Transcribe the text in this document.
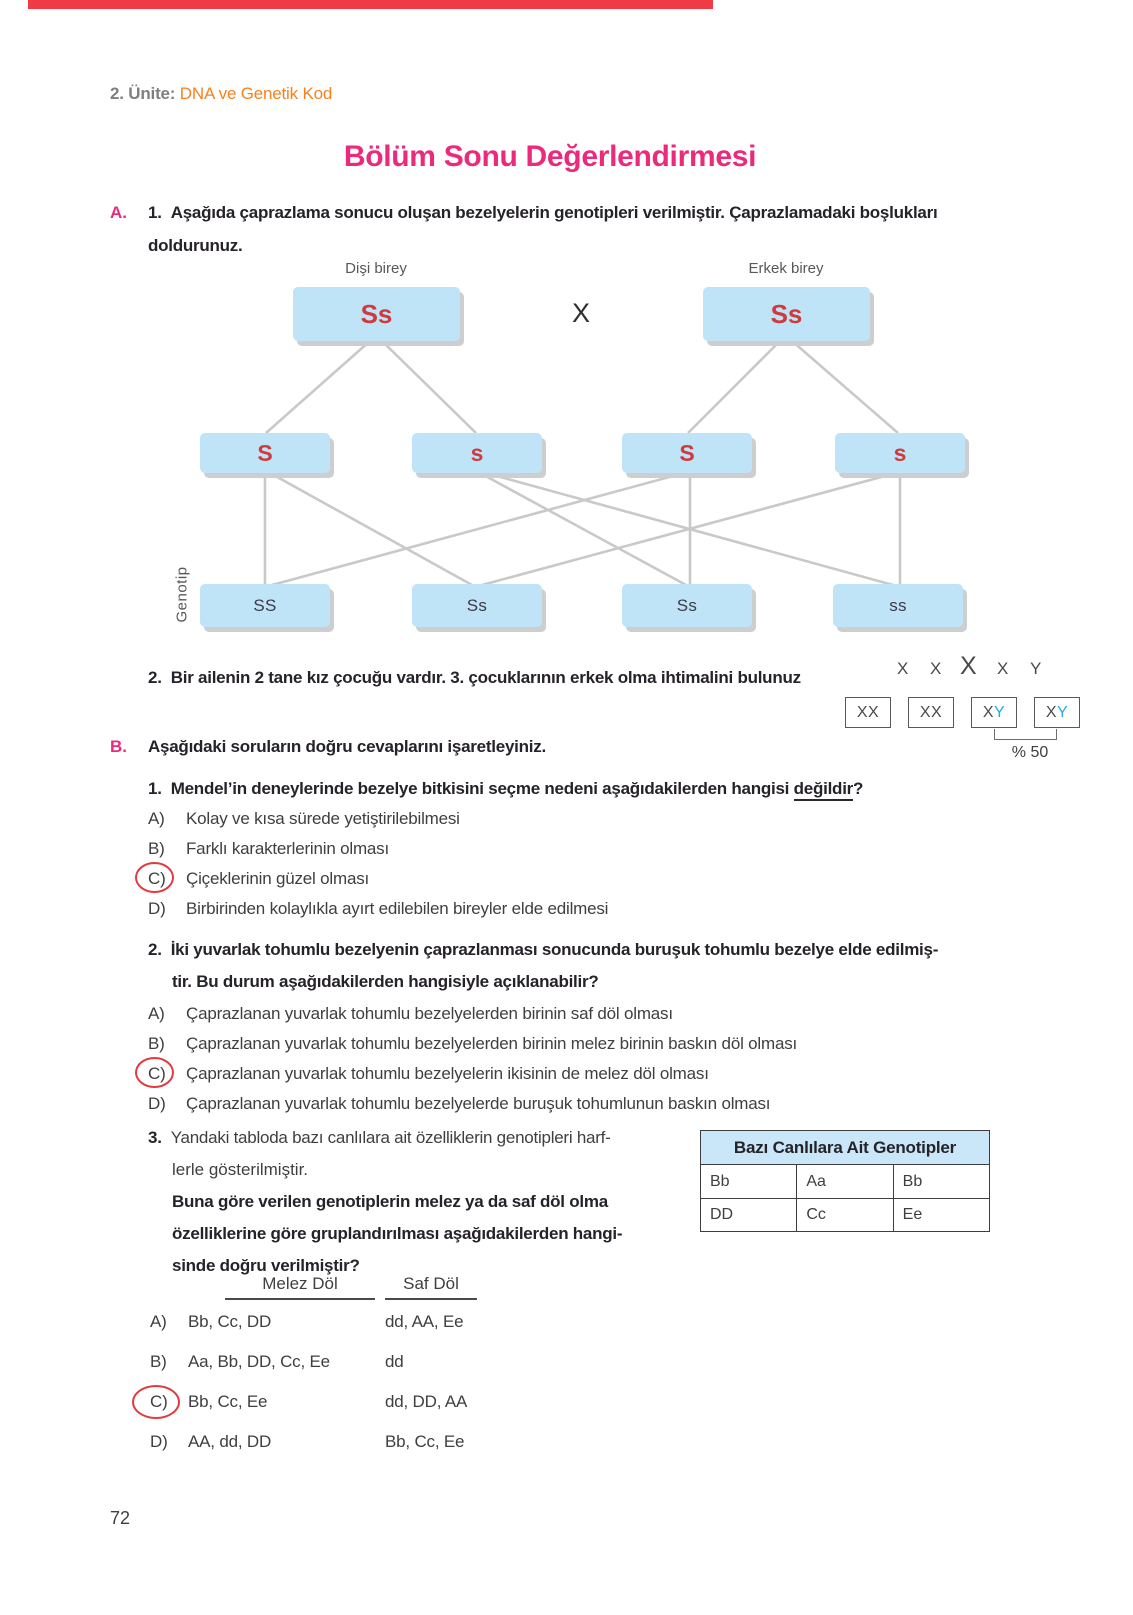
2. Ünite: DNA ve Genetik Kod
Bölüm Sonu Değerlendirmesi
A. 1. Aşağıda çaprazlama sonucu oluşan bezelyelerin genotipleri verilmiştir. Çaprazlamadaki boşlukları
doldurunuz.
Dişi birey	Erkek birey
Ss	X	Ss
S	s	S	s
Genotip	SS	Ss	Ss	ss
2. Bir ailenin 2 tane kız çocuğu vardır. 3. çocuklarının erkek olma ihtimalini bulunuz	X X X X Y
X X	X X	X Y	X Y
% 50
B. Aşağıdaki soruların doğru cevaplarını işaretleyiniz.
1. Mendel’in deneylerinde bezelye bitkisini seçme nedeni aşağıdakilerden hangisi değildir?
A)	Kolay ve kısa sürede yetiştirilebilmesi
B)	Farklı karakterlerinin olması
C)	Çiçeklerinin güzel olması
D)	Birbirinden kolaylıkla ayırt edilebilen bireyler elde edilmesi
2. İki yuvarlak tohumlu bezelyenin çaprazlanması sonucunda buruşuk tohumlu bezelye elde edilmiş-
tir. Bu durum aşağıdakilerden hangisiyle açıklanabilir?
A)	Çaprazlanan yuvarlak tohumlu bezelyelerden birinin saf döl olması
B)	Çaprazlanan yuvarlak tohumlu bezelyelerden birinin melez birinin baskın döl olması
C)	Çaprazlanan yuvarlak tohumlu bezelyelerin ikisinin de melez döl olması
D)	Çaprazlanan yuvarlak tohumlu bezelyelerde buruşuk tohumlunun baskın olması
3. Yandaki tabloda bazı canlılara ait özelliklerin genotipleri harf-
lerle gösterilmiştir.
Buna göre verilen genotiplerin melez ya da saf döl olma
özelliklerine göre gruplandırılması aşağıdakilerden hangi-
sinde doğru verilmiştir?
Bazı Canlılara Ait Genotipler
Bb	Aa	Bb
DD	Cc	Ee
Melez Döl	Saf Döl
A)	Bb, Cc, DD	dd, AA, Ee
B)	Aa, Bb, DD, Cc, Ee	dd
C)	Bb, Cc, Ee	dd, DD, AA
D)	AA, dd, DD	Bb, Cc, Ee
72
